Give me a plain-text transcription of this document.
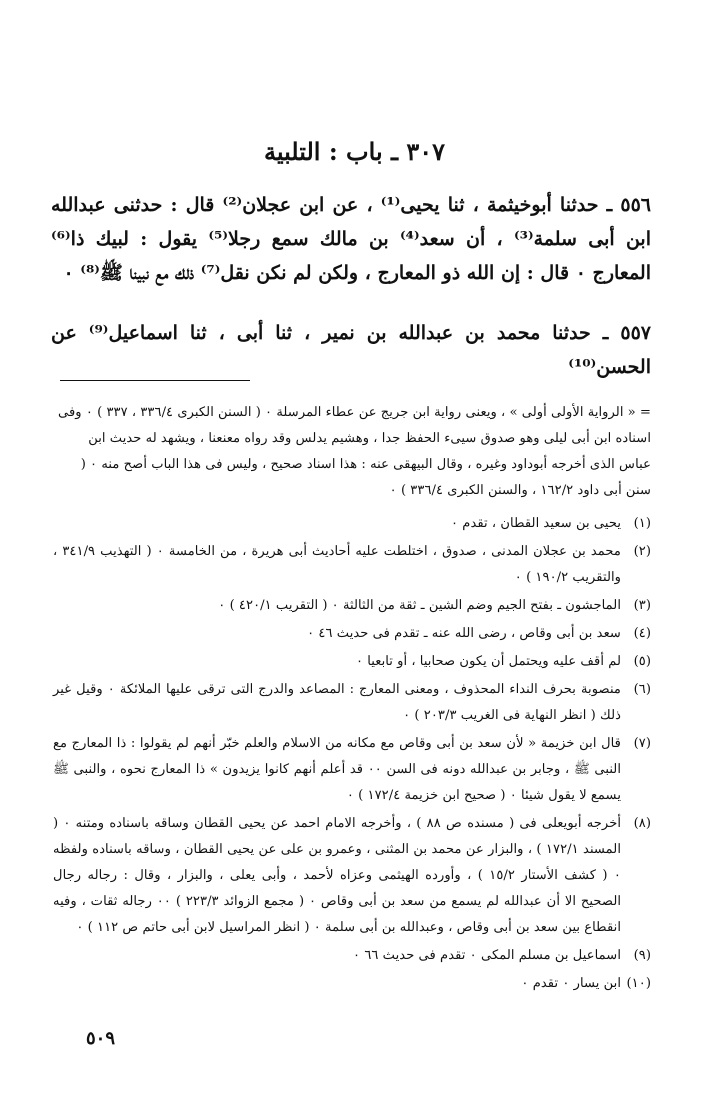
٣٠٧ ـ باب : التلبية

٥٥٦ ـ حدثنا أبوخيثمة ، ثنا يحيى⁽¹⁾ ، عن ابن عجلان⁽²⁾ قال : حدثنى عبدالله ابن أبى سلمة⁽³⁾ ، أن سعد⁽⁴⁾ بن مالك سمع رجلا⁽⁵⁾ يقول : لبيك ذا⁽⁶⁾ المعارج ٠ قال : إن الله ذو المعارج ، ولكن لم نكن نقل⁽⁷⁾ ذلك مع نبينا ﷺ⁽⁸⁾ ٠

٥٥٧ ـ حدثنا محمد بن عبدالله بن نمير ، ثنا أبى ، ثنا اسماعيل⁽⁹⁾ عن الحسن⁽¹⁰⁾

= « الرواية الأولى أولى » ، ويعنى رواية ابن جريج عن عطاء المرسلة ٠ ( السنن الكبرى ٣٣٦/٤ ، ٣٣٧ ) ٠ وفى اسناده ابن أبى ليلى وهو صدوق سيىء الحفظ جدا ، وهشيم يدلس وقد رواه معنعنا ، ويشهد له حديث ابن عباس الذى أخرجه أبوداود وغيره ، وقال البيهقى عنه : هذا اسناد صحيح ، وليس فى هذا الباب أصح منه ٠ ( سنن أبى داود ١٦٢/٢ ، والسنن الكبرى ٣٣٦/٤ ) ٠

(١)
يحيى بن سعيد القطان ، تقدم ٠
(٢)
محمد بن عجلان المدنى ، صدوق ، اختلطت عليه أحاديث أبى هريرة ، من الخامسة ٠ ( التهذيب ٣٤١/٩ ، والتقريب ١٩٠/٢ ) ٠
(٣)
الماجشون ـ بفتح الجيم وضم الشين ـ ثقة من الثالثة ٠ ( التقريب ٤٢٠/١ ) ٠
(٤)
سعد بن أبى وقاص ، رضى الله عنه ـ تقدم فى حديث ٤٦ ٠
(٥)
لم أقف عليه ويحتمل أن يكون صحابيا ، أو تابعيا ٠
(٦)
منصوبة بحرف النداء المحذوف ، ومعنى المعارج : المصاعد والدرج التى ترقى عليها الملائكة ٠ وقيل غير ذلك ( انظر النهاية فى الغريب ٢٠٣/٣ ) ٠
(٧)
قال ابن خزيمة « لأن سعد بن أبى وقاص مع مكانه من الاسلام والعلم خبّر أنهم لم يقولوا : ذا المعارج مع النبى ﷺ ، وجابر بن عبدالله دونه فى السن ٠٠ قد أعلم أنهم كانوا يزيدون » ذا المعارج نحوه ، والنبى ﷺ يسمع لا يقول شيئا ٠ ( صحيح ابن خزيمة ١٧٢/٤ ) ٠
(٨)
أخرجه أبويعلى فى ( مسنده ص ٨٨ ) ، وأخرجه الامام احمد عن يحيى القطان وساقه باسناده ومتنه ٠ ( المسند ١٧٢/١ ) ، والبزار عن محمد بن المثنى ، وعمرو بن على عن يحيى القطان ، وساقه باسناده ولفظه ٠ ( كشف الأستار ١٥/٢ ) ، وأورده الهيثمى وعزاه لأحمد ، وأبى يعلى ، والبزار ، وقال : رجاله رجال الصحيح الا أن عبدالله لم يسمع من سعد بن أبى وقاص ٠ ( مجمع الزوائد ٢٢٣/٣ ) ٠٠ رجاله ثقات ، وفيه انقطاع بين سعد بن أبى وقاص ، وعبدالله بن أبى سلمة ٠ ( انظر المراسيل لابن أبى حاتم ص ١١٢ ) ٠
(٩)
اسماعيل بن مسلم المكى ٠ تقدم فى حديث ٦٦ ٠
(١٠)
ابن يسار ٠ تقدم ٠
٥٠٩
